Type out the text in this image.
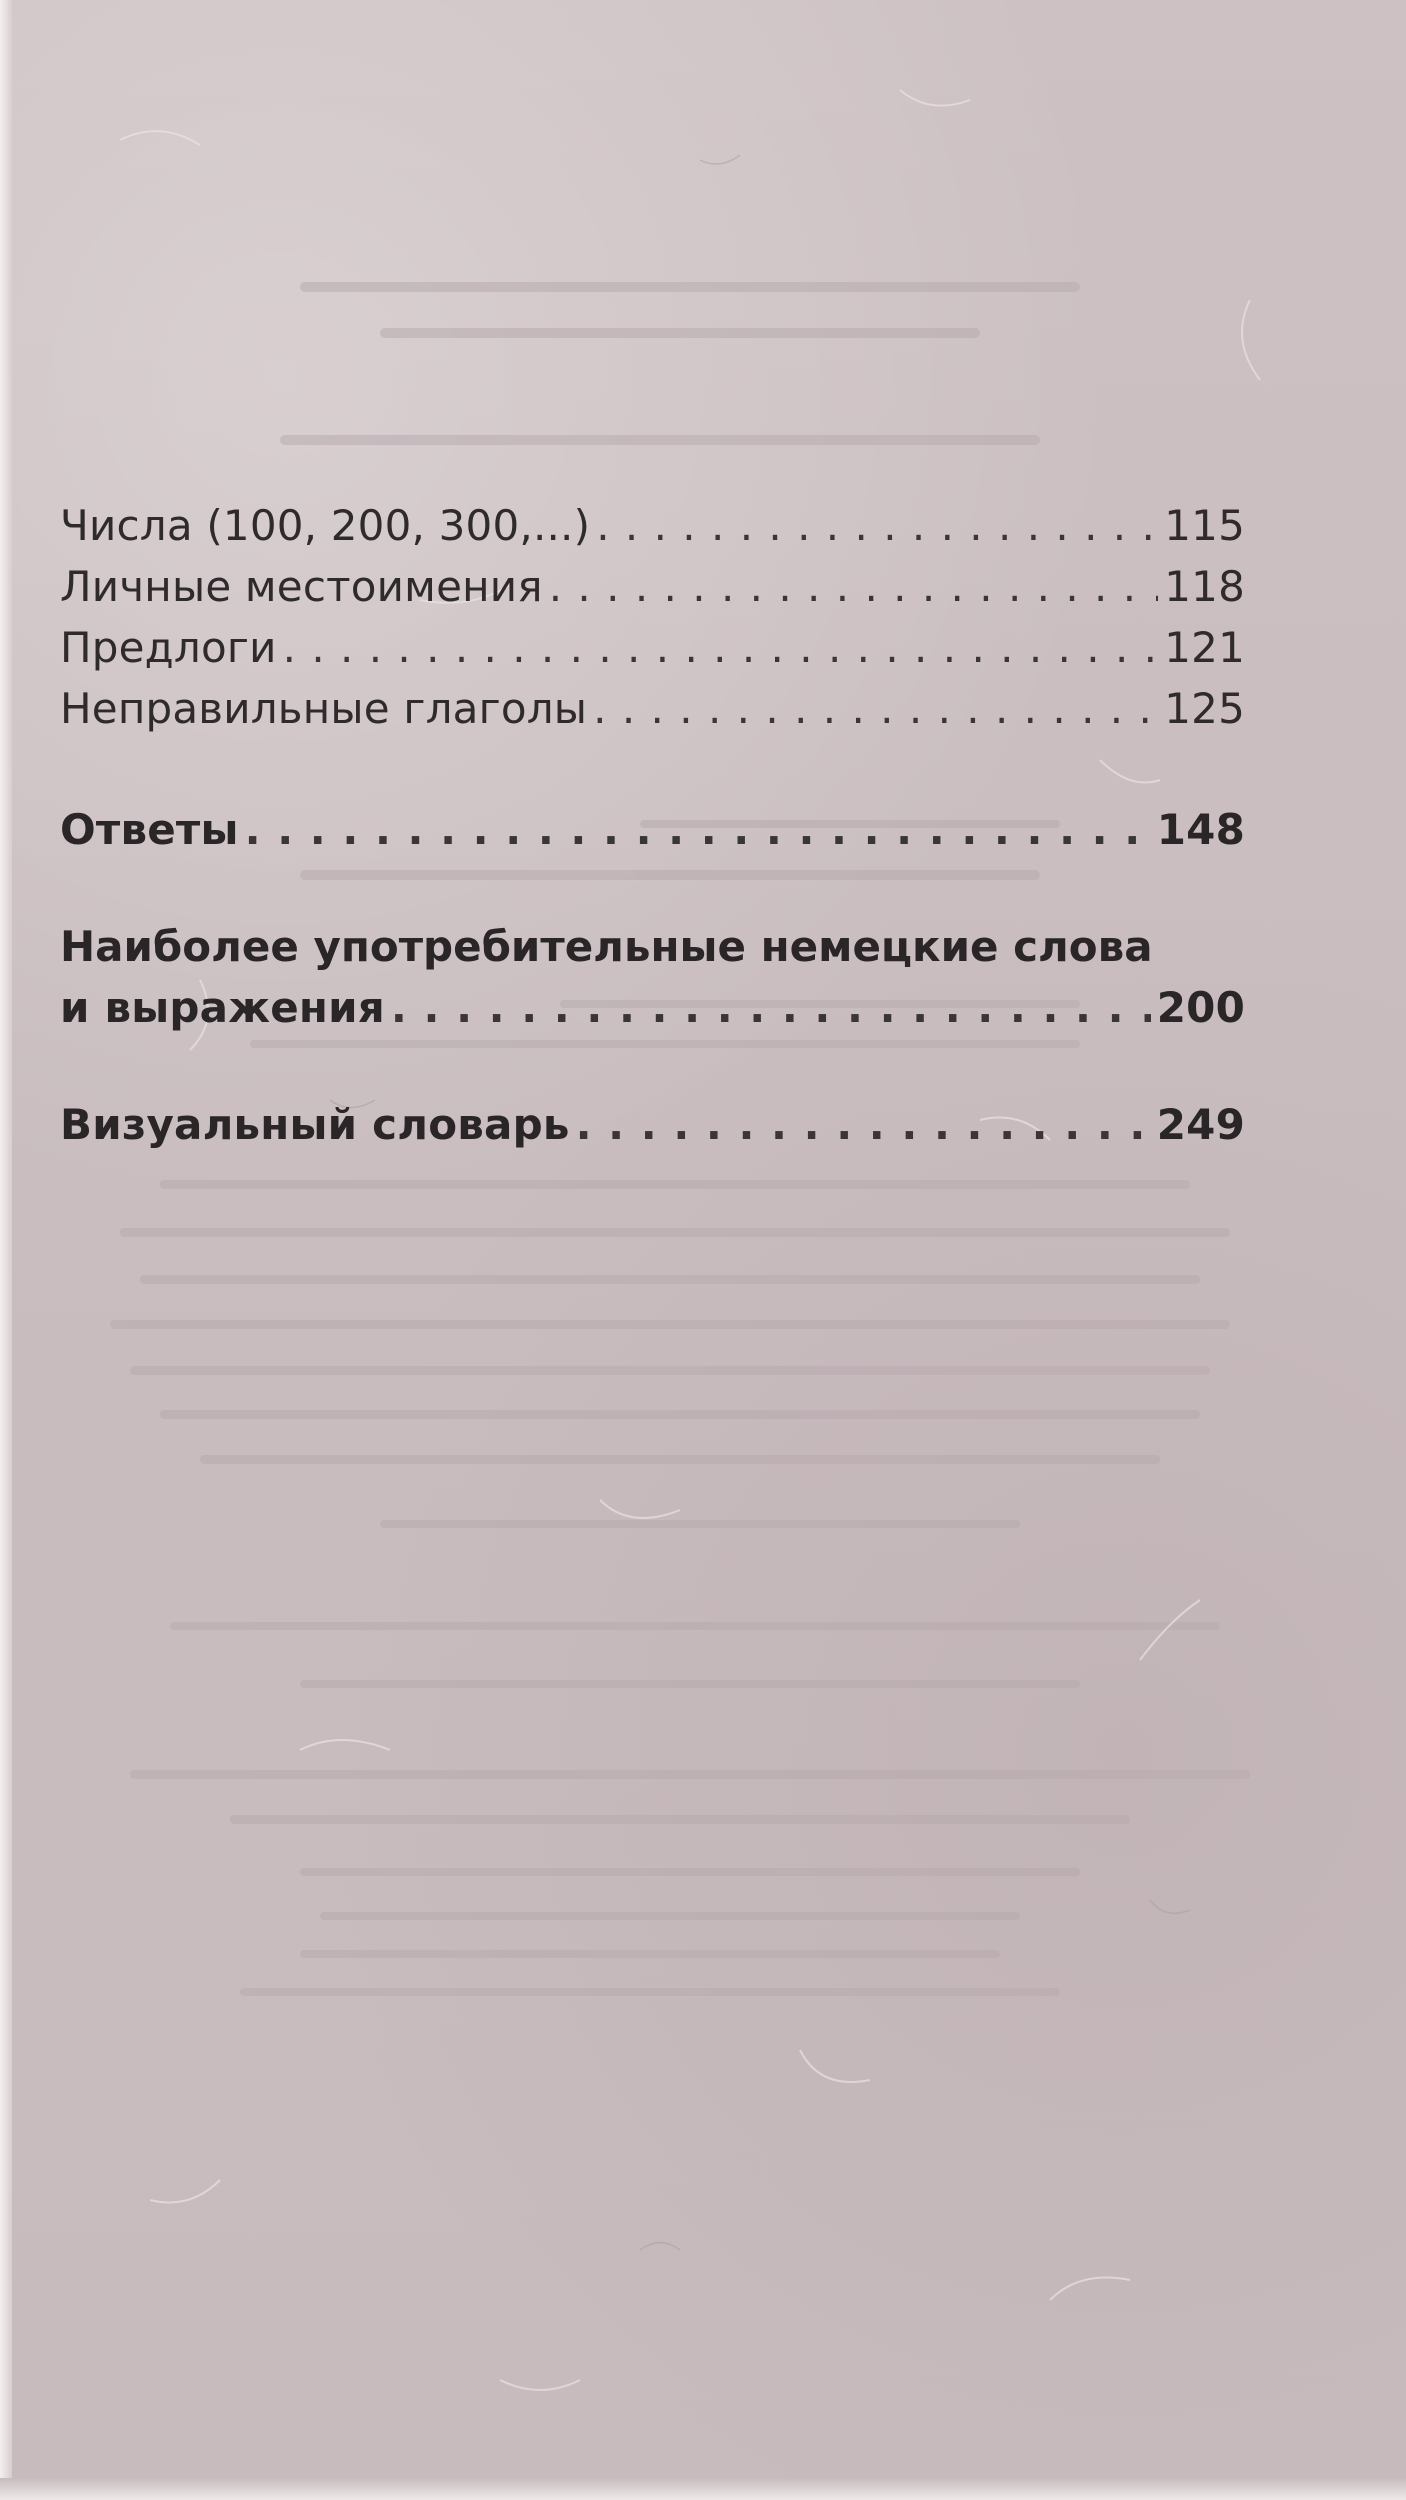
Числа (100, 200, 300,...) . . .	115
Личные местоимения . . .	118
Предлоги . . .	121
Неправильные глаголы . . .	125
Ответы . . .	148
Наиболее употребительные немецкие слова
и выражения . . .	200
Визуальный словарь . . .	249
